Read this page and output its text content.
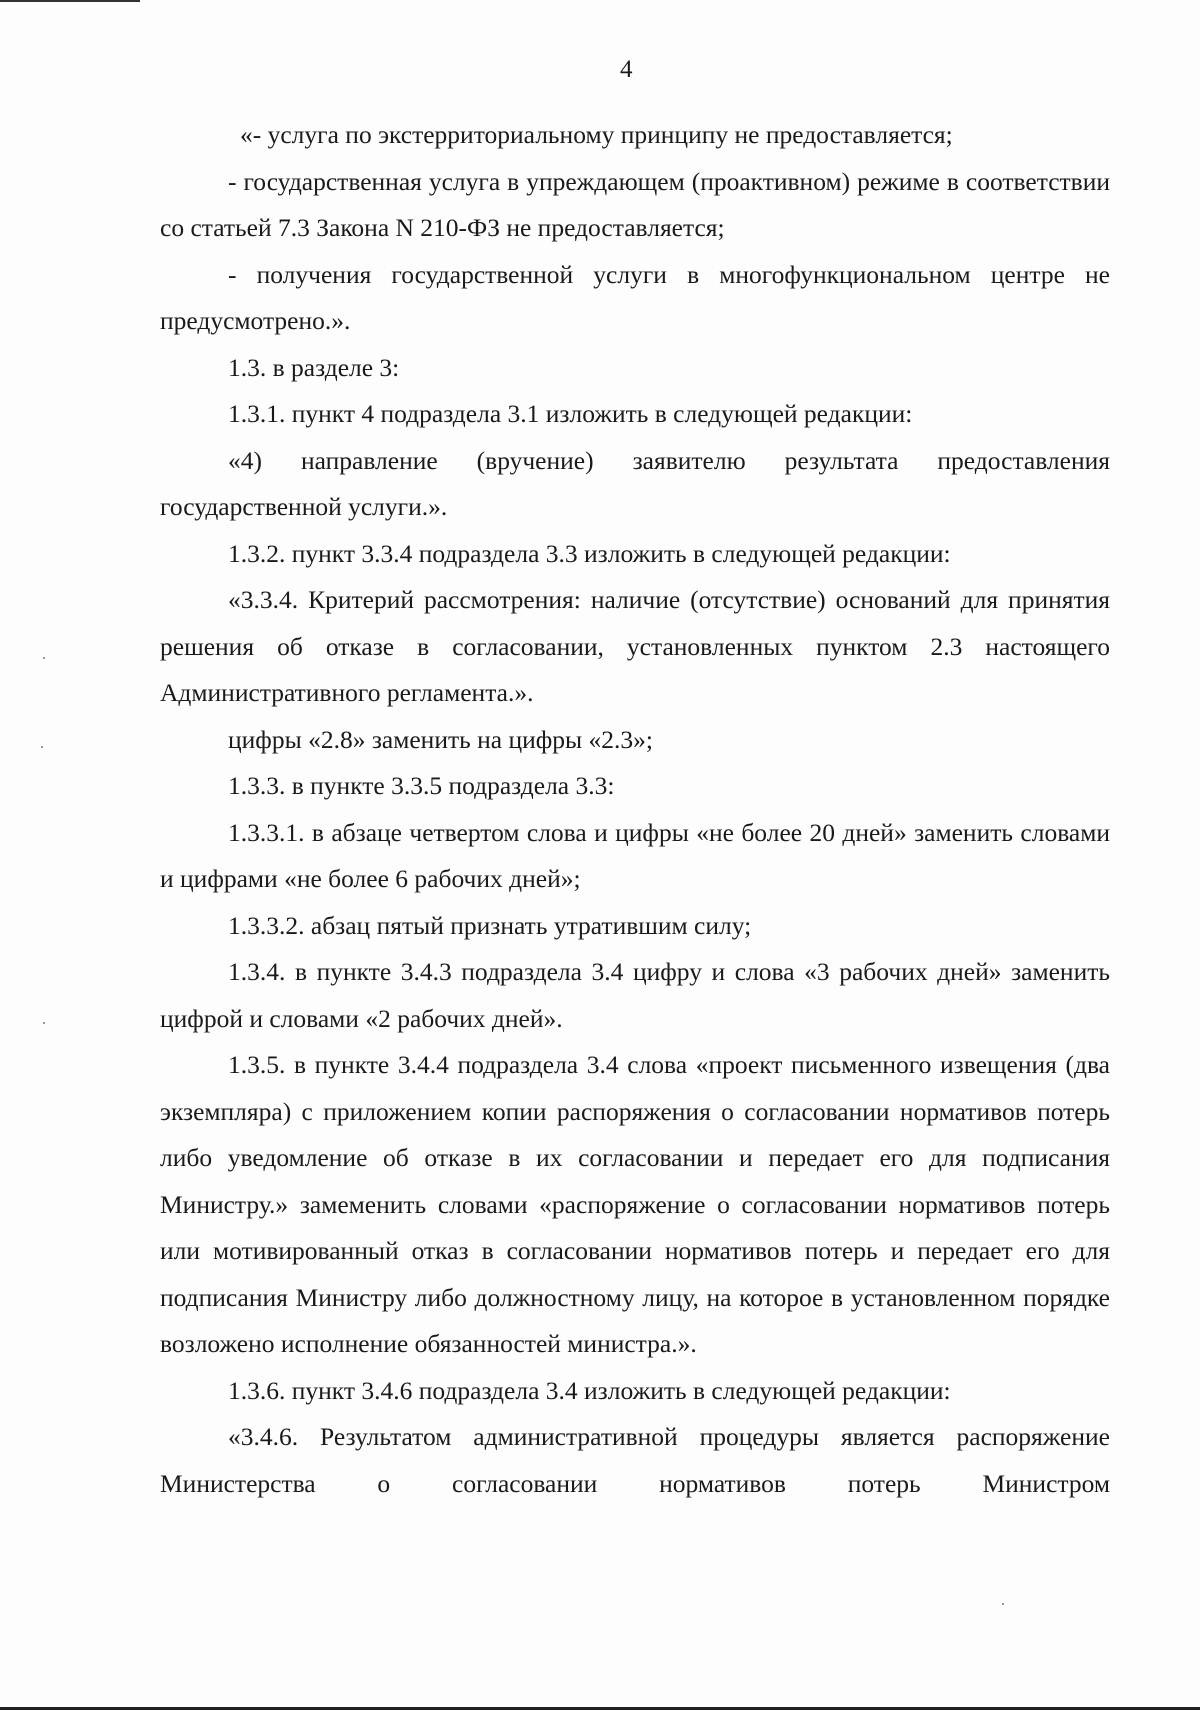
4

«- услуга по экстерриториальному принципу не предоставляется;

- государственная услуга в упреждающем (проактивном) режиме в соответствии со статьей 7.3 Закона N 210-ФЗ не предоставляется;

- получения государственной услуги в многофункциональном центре не предусмотрено.».

1.3. в разделе 3:

1.3.1. пункт 4 подраздела 3.1 изложить в следующей редакции:

«4) направление (вручение) заявителю результата предоставления государственной услуги.».

1.3.2. пункт 3.3.4 подраздела 3.3 изложить в следующей редакции:

«3.3.4. Критерий рассмотрения: наличие (отсутствие) оснований для принятия решения об отказе в согласовании, установленных пунктом 2.3 настоящего Административного регламента.».

цифры «2.8» заменить на цифры «2.3»;

1.3.3. в пункте 3.3.5 подраздела 3.3:

1.3.3.1. в абзаце четвертом слова и цифры «не более 20 дней» заменить словами и цифрами «не более 6 рабочих дней»;

1.3.3.2. абзац пятый признать утратившим силу;

1.3.4. в пункте 3.4.3 подраздела 3.4 цифру и слова «3 рабочих дней» заменить цифрой и словами «2 рабочих дней».

1.3.5. в пункте 3.4.4 подраздела 3.4 слова «проект письменного извещения (два экземпляра) с приложением копии распоряжения о согласовании нормативов потерь либо уведомление об отказе в их согласовании и передает его для подписания Министру.» замеменить словами «распоряжение о согласовании нормативов потерь или мотивированный отказ в согласовании нормативов потерь и передает его для подписания Министру либо должностному лицу, на которое в установленном порядке возложено исполнение обязанностей министра.».

1.3.6. пункт 3.4.6 подраздела 3.4 изложить в следующей редакции:

«3.4.6. Результатом административной процедуры является распоряжение Министерства о согласовании нормативов потерь Министром
